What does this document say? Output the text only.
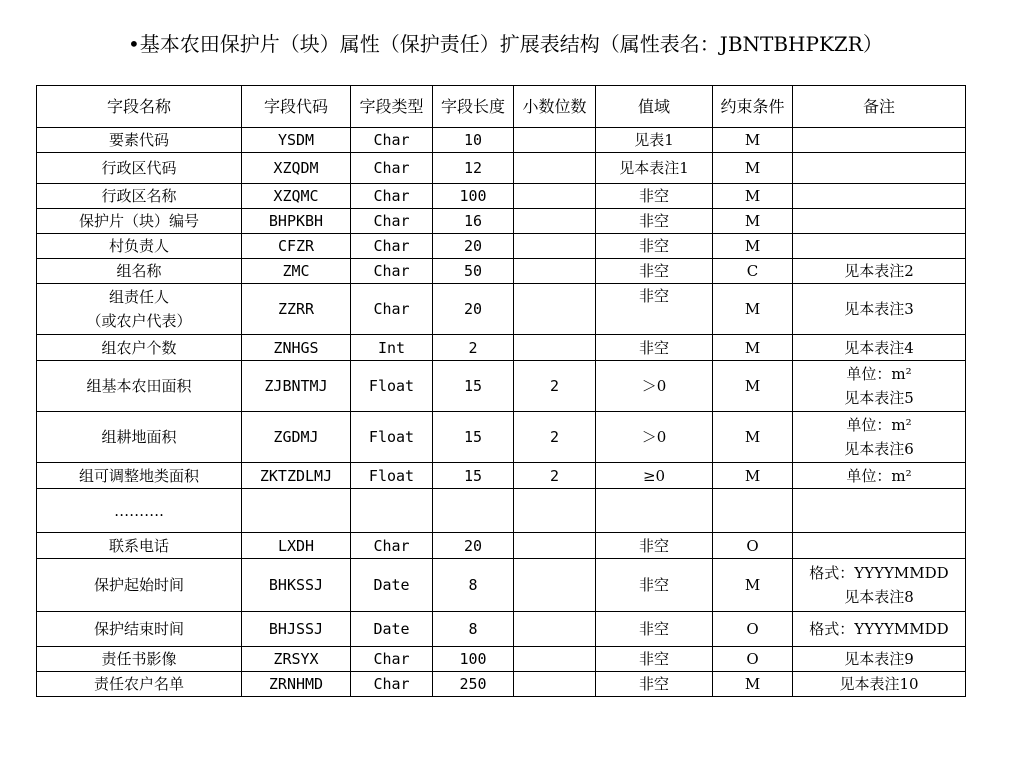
•基本农田保护片（块）属性（保护责任）扩展表结构（属性表名：JBNTBHPKZR）
字段名称	字段代码	字段类型	字段长度	小数位数	值域	约束条件	备注
要素代码	YSDM	Char	10		见表1	M	
行政区代码	XZQDM	Char	12		见本表注1	M	
行政区名称	XZQMC	Char	100		非空	M	
保护片（块）编号	BHPKBH	Char	16		非空	M	
村负责人	CFZR	Char	20		非空	M	
组名称	ZMC	Char	50		非空	C	见本表注2
组责任人
（或农户代表）	ZZRR	Char	20		非空	M	见本表注3
组农户个数	ZNHGS	Int	2		非空	M	见本表注4
组基本农田面积	ZJBNTMJ	Float	15	2	＞0	M	单位：m²
见本表注5
组耕地面积	ZGDMJ	Float	15	2	＞0	M	单位：m²
见本表注6
组可调整地类面积	ZKTZDLMJ	Float	15	2	≥0	M	单位：m²
……….							
联系电话	LXDH	Char	20		非空	O	
保护起始时间	BHKSSJ	Date	8		非空	M	格式：YYYYMMDD
见本表注8
保护结束时间	BHJSSJ	Date	8		非空	O	格式：YYYYMMDD
责任书影像	ZRSYX	Char	100		非空	O	见本表注9
责任农户名单	ZRNHMD	Char	250		非空	M	见本表注10
